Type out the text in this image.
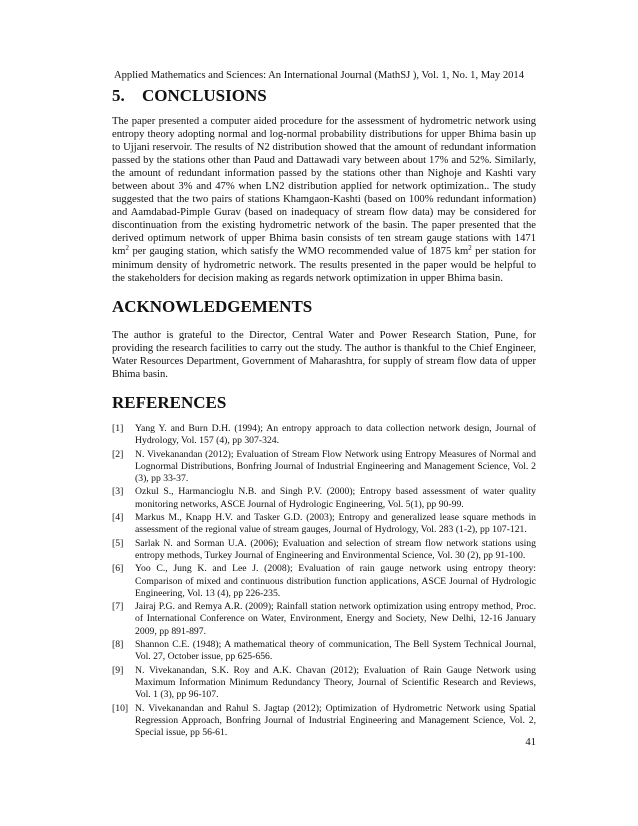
Applied Mathematics and Sciences: An International Journal (MathSJ ), Vol. 1, No. 1, May 2014
5. CONCLUSIONS

The paper presented a computer aided procedure for the assessment of hydrometric network using entropy theory adopting normal and log-normal probability distributions for upper Bhima basin up to Ujjani reservoir. The results of N2 distribution showed that the amount of redundant information passed by the stations other than Paud and Dattawadi vary between about 17% and 52%. Similarly, the amount of redundant information passed by the stations other than Nighoje and Kashti vary between about 3% and 47% when LN2 distribution applied for network optimization.. The study suggested that the two pairs of stations Khamgaon-Kashti (based on 100% redundant information) and Aamdabad-Pimple Gurav (based on inadequacy of stream flow data) may be considered for discontinuation from the existing hydrometric network of the basin. The paper presented that the derived optimum network of upper Bhima basin consists of ten stream gauge stations with 1471 $km^2$ per gauging station, which satisfy the WMO recommended value of 1875 $km^2$ per station for minimum density of hydrometric network. The results presented in the paper would be helpful to the stakeholders for decision making as regards network optimization in upper Bhima basin.

ACKNOWLEDGEMENTS

The author is grateful to the Director, Central Water and Power Research Station, Pune, for providing the research facilities to carry out the study. The author is thankful to the Chief Engineer, Water Resources Department, Government of Maharashtra, for supply of stream flow data of upper Bhima basin.

REFERENCES
[1]	Yang Y. and Burn D.H. (1994); An entropy approach to data collection network design, Journal of Hydrology, Vol. 157 (4), pp 307-324.
[2]	N. Vivekanandan (2012); Evaluation of Stream Flow Network using Entropy Measures of Normal and Lognormal Distributions, Bonfring Journal of Industrial Engineering and Management Science, Vol. 2 (3), pp 33-37.
[3]	Ozkul S., Harmancioglu N.B. and Singh P.V. (2000); Entropy based assessment of water quality monitoring networks, ASCE Journal of Hydrologic Engineering, Vol. 5(1), pp 90-99.
[4]	Markus M., Knapp H.V. and Tasker G.D. (2003); Entropy and generalized lease square methods in assessment of the regional value of stream gauges, Journal of Hydrology, Vol. 283 (1-2), pp 107-121.
[5]	Sarlak N. and Sorman U.A. (2006); Evaluation and selection of stream flow network stations using entropy methods, Turkey Journal of Engineering and Environmental Science, Vol. 30 (2), pp 91-100.
[6]	Yoo C., Jung K. and Lee J. (2008); Evaluation of rain gauge network using entropy theory: Comparison of mixed and continuous distribution function applications, ASCE Journal of Hydrologic Engineering, Vol. 13 (4), pp 226-235.
[7]	Jairaj P.G. and Remya A.R. (2009); Rainfall station network optimization using entropy method, Proc. of International Conference on Water, Environment, Energy and Society, New Delhi, 12-16 January 2009, pp 891-897.
[8]	Shannon C.E. (1948); A mathematical theory of communication, The Bell System Technical Journal, Vol. 27, October issue, pp 625-656.
[9]	N. Vivekanandan, S.K. Roy and A.K. Chavan (2012); Evaluation of Rain Gauge Network using Maximum Information Minimum Redundancy Theory, Journal of Scientific Research and Reviews, Vol. 1 (3), pp 96-107.
[10] N. Vivekanandan and Rahul S. Jagtap (2012); Optimization of Hydrometric Network using Spatial Regression Approach, Bonfring Journal of Industrial Engineering and Management Science, Vol. 2, Special issue, pp 56-61.
41
